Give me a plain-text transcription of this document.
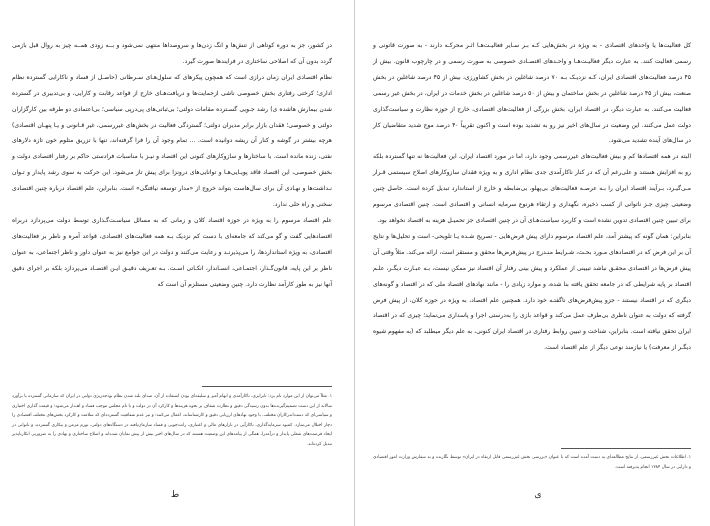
در کشور، جز به دوره کوتاهی از تنش‌ها و انگ زدن‌ها و سروصداها منتهی نمی‌شود و بــه زودی همــه چیز به روال قبل بازمی گردد بدون آن که اصلاحی ساختاری در فرایندها صورت گیرد.

نظام اقتصادی ایران زمان درازی است که همچون پیکرهای که سلول‌هـای سـرطانی (حاصـل از فساد و ناکارایی گسترده نظام اداری؛ کرختی رفتاری بخش خصوصی ناشی ازحمایت‌ها و دریافت‌هـای خارج از قواعد رقابت و کارایی، و بی‌تدبیری در گسترده شدن بیمارش هاشده ی) رشد جـویی گسـترده مقامات دولتی؛ بی‌ثباتی‌های پی‌درپی سیاسی؛ بی‌اعتمادی دو طرفه بین کارگزاران دولتی و خصوصی؛ فقدان بازار برابر مدیران دولتی؛ گستردگی فعالیت در بخش‌های غیررسمی، غیر قـانونی و یـا پنهـان اقتصادی) هرچه بیشتر در گوشه و کنار آن ریشه دوانیده است. ... تمام وجود آن را فرا گرفته‌اند، تنها با تزریق متلوم خون تازه دلارهای نفتی، زنده مانده است. با ساختارها و سازوکارهای کنونی این اقتصاد و نیـز با مناسبات فرادستی حاکم بر رفتار اقتصادی دولت و بخش خصوصی، این اقتصاد فاقد پویـایی‌هـا و توانایی‌های درونزا برای پیش تاز می‌شود. این حرکت به سوی رشد پایدار و تـوان نـداشت‌ها و نهـادی آن برای سال‌هاست بتواند خروج از «مدار توسعه نیافتگی» است. بنابراین، علم اقتصاد درباره چنین اقتصادی سخنی و راه حلی ندارد.

علم اقتصاد مرسوم را به ویژه در حوزه اقتصاد کلان و زمانی که به مسائل سیاسـت‌گـذاری توسط دولت می‌پردازد دربراه اقتصادهایی گفت و گو می‌کند که جامعه‌ای با دست کم نزدیک بـه همه فعالیت‌های اقتصادی، قواعد آمره و ناظر بر فعالیت‌های اقتصادی، به ویژه استانداردها، را می‌پذیرنـد و رعایت می‌کنند و دولت در این جوامع نیز به عنوان داور و ناظر اجتماعی، به عنوان ناظر بر این پایه، قانون‌گـذار، اجتمـاعی، انسـاندار، انکـاتی اسـت. بـه تعـریف دقیـق ایـن اقتصـاد می‌پردازد بلکه بر اجرای دقیق آنها نیز به طور کارآمد نظارت دارد. چنین وضعیتی مستلزم آن است که

۱. مثلاً می‌توان از این موارد نام برد: نابرابری، ناکارآمدی و ایهام آمیز و سلیقه‌ای بودن استفاده از آن، صدای بلند شدن نظام بودجه‌ریزی دولتی در ایران که سازمانی گسترده با برآورد سالانه از این دست تصمیم‌گیرنده‌ها بدون رسیدگی دقیق و نظارت شفاف بر نحوه هزینه‌ها و کارکرد آن در دولت و با نام مجلس موجب فساد و اهـدار می‌شود؛ و قیمت گذاری اختیاری و سیاسی‌ای که دست‌اندرکاران مختلف، با وجود نهادهای ارزیابی دقیق و کارشناسانه، اعمال می‌کنند؛ و نیز عدم شفافیت گسترده‌ای که سلامت و کارکرد بخش‌های مختلف اقتصادی را دچار اختلال می‌سازد. کمبود سرمایه‌گذاری، ناکارآیی در بازارهای مالی و اعتباری، رانت‌جویی و فساد سازمان‌یافته در دستگاه‌های دولتی، تورم مزمن و بیکاری گسترده، و ناتوانی در ایجاد فرصت‌های شغلی پایدار و درآمدزا، همگی از پیامدهای این وضعیت هستند که در سال‌های اخیر بیش از پیش نمایان شده‌اند و اصلاح ساختاری و نهادی را به ضرورتی انکارناپذیر تبدیل کرده‌اند.
ط

کل فعالیت‌ها یا واحدهای اقتصادی - به ویژه در بخش‌هایی کـه بـر سـایر فعالیـت‌هـا اثـر محرکـه دارند - به صورت قانونی و رسمی فعالیت کنند. به عبارت دیگر فعالیـت‌هـا و واحـدهای اقتصـادی خصوصی به صورت رسمی و در چارچوب قانون. بیش از ۴۵ درصد فعالیت‌های اقتصادی ایران، کـه نزدیـک بـه ۷۰ درصد شاغلین در بخش کشاورزی، بیش از ۴۵ درصد شاغلین در بخش صنعت، بیش از ۴۵ درصد شاغلین در بخش ساختمان و بیش از ۵۰ درصد شاغلین در بخش خدمات در ایران، در بخش غیر رسمی فعالیت می‌کنند. به عبارت دیگر، در اقتصاد ایران، بخش بزرگی از فعالیت‌های اقتصادی، خارج از حوزه نظارت و سیاست‌گذاری دولت عمل می‌کنند. این وضعیت در سال‌های اخیر نیز رو به تشدید بوده است و اکنون تقریباً ۴۰ درصد موج شدید متقاضیان کار در سال‌های آینده تشدید می‌شود.

البته در همه اقتصادها کم و بیش فعالیت‌های غیررسمی وجود دارد، اما در مورد اقتصاد ایران، این فعالیت‌ها نه تنها گسترده بلکه رو به افزایش هستند و علی‌رغم آن که در کنار ناکارآمدی جدی نظام اداری و به ویژه فقدان سازوکارهای اصلاح سیستمی قـرار مـی‌گیـرد، بـرآیند اقتصاد ایران را بـه عرصـه فعالیت‌های بی‌پهلو، بی‌ضابطه و خارج از استاندارد تبدیل کرده است. حاصل چنین وضعیتی چیزی جـز ناتوانی از کسب ذخیره، نگهداری و ارتقاء هرنوع سرمایه انسانی و اقتصادی است. چنین اقتصادی مرسوم برای تبیین چنین اقتصادی تدوین نشده است و کاربرد سیاست‌هـای آن در چنین اقتصادی جز تحمیـل هزینه به اقتصاد نخواهد بود.

بنابراین: همان گونه که پیشتر آمد، علم اقتصاد مرسوم دارای پیش فرض‌هایی - تصریح شـده یـا تلویحی- است و تحلیل‌ها و نتایج آن بر این فرض که در اقتصادهای مـورد بحـث، شـرایط منـدرج در پیش‌فرض‌ها محقق و مستقر است، ارائه می‌کند. مثلاً وقتی آن پیش فرض‌ها در اقتصادی محقـق نباشد تبیینی از عملکرد و پیش بینی رفتار آن اقتصاد نیز ممکن نیست، بـه عبـارت دیگـر، علـم اقتصاد بر پایه شرایطی که در جامعه تحقق یافته بنا شده، و موارد زیادی را - مانند نهادهای اقتصاد ملی که در اقتصاد و گونه‌های دیگری که در اقتصاد نیستند - جزو پیش‌فرض‌های ناگفتـه خود دارد. همچنین علم اقتصاد، به ویژه در حوزه کلان، از پیش فرض گرفته که دولت به عنوان ناظری بی‌طرف عمل می‌کند و قواعد بازی را به‌درستی اجرا و پاسداری می‌نماید؛ چیزی که در اقتصاد ایران تحقق نیافته است. بنابراین، شناخت و تبیین روابط رفتاری در اقتصاد ایران کنونی، به علم دیگر میطلبد که (به مفهوم شیوه دیگـر از معرفت) یا نیازمند نوعی دیگر از علم اقتصاد است.

۱. اطلاعات بخش غیررسمی، از نتایج مطالعه‌ای به دست آمده است که با عنوان «بررسی بخش غیررسمی قابل ارتقاء در ایران» توسط نگارنده و به سفارش وزارت امور اقتصادی و دارایی در سال ۱۳۸۴ انجام پذیرفته است.
ی
